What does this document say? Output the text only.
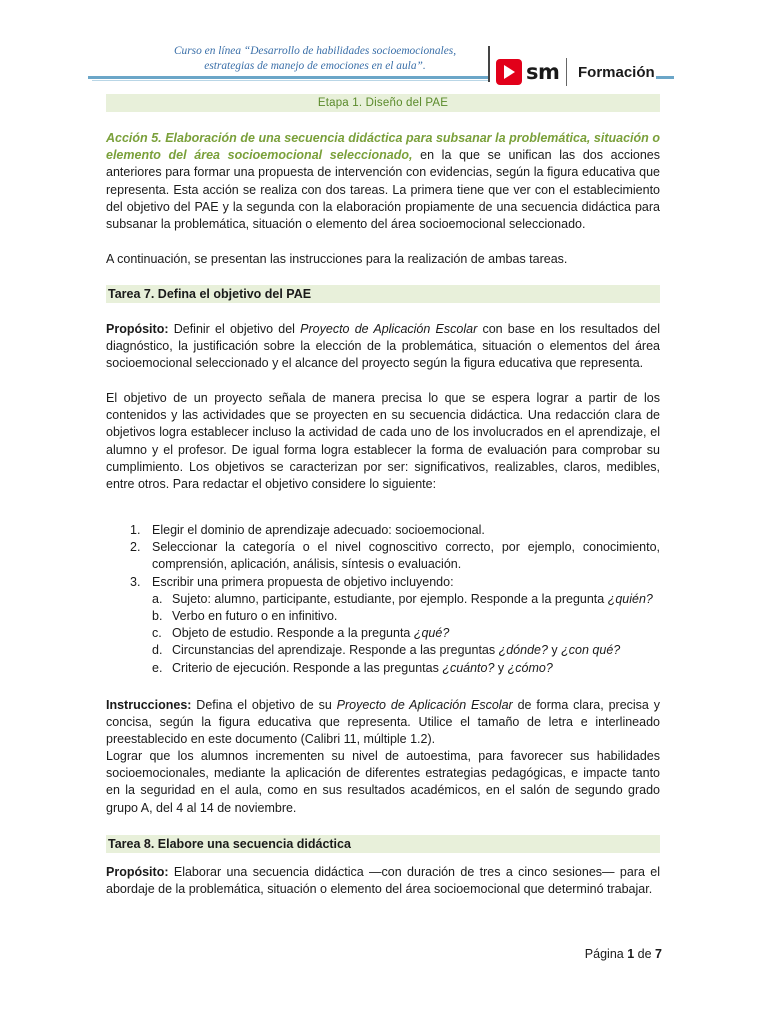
Curso en línea “Desarrollo de habilidades socioemocionales,
estrategias de manejo de emociones en el aula”.	sm Formación
Etapa 1. Diseño del PAE

Acción 5. Elaboración de una secuencia didáctica para subsanar la problemática, situación o elemento del área socioemocional seleccionado, en la que se unifican las dos acciones anteriores para formar una propuesta de intervención con evidencias, según la figura educativa que representa. Esta acción se realiza con dos tareas. La primera tiene que ver con el establecimiento del objetivo del PAE y la segunda con la elaboración propiamente de una secuencia didáctica para subsanar la problemática, situación o elemento del área socioemocional seleccionado.

A continuación, se presentan las instrucciones para la realización de ambas tareas.

Tarea 7. Defina el objetivo del PAE

Propósito: Definir el objetivo del Proyecto de Aplicación Escolar con base en los resultados del diagnóstico, la justificación sobre la elección de la problemática, situación o elementos del área socioemocional seleccionado y el alcance del proyecto según la figura educativa que representa.

El objetivo de un proyecto señala de manera precisa lo que se espera lograr a partir de los contenidos y las actividades que se proyecten en su secuencia didáctica. Una redacción clara de objetivos logra establecer incluso la actividad de cada uno de los involucrados en el aprendizaje, el alumno y el profesor. De igual forma logra establecer la forma de evaluación para comprobar su cumplimiento. Los objetivos se caracterizan por ser: significativos, realizables, claros, medibles, entre otros. Para redactar el objetivo considere lo siguiente:

1. Elegir el dominio de aprendizaje adecuado: socioemocional.
2. Seleccionar la categoría o el nivel cognoscitivo correcto, por ejemplo, conocimiento, comprensión, aplicación, análisis, síntesis o evaluación.
3. Escribir una primera propuesta de objetivo incluyendo:
a. Sujeto: alumno, participante, estudiante, por ejemplo. Responde a la pregunta ¿quién?
b. Verbo en futuro o en infinitivo.
c. Objeto de estudio. Responde a la pregunta ¿qué?
d. Circunstancias del aprendizaje. Responde a las preguntas ¿dónde? y ¿con qué?
e. Criterio de ejecución. Responde a las preguntas ¿cuánto? y ¿cómo?

Instrucciones: Defina el objetivo de su Proyecto de Aplicación Escolar de forma clara, precisa y concisa, según la figura educativa que representa. Utilice el tamaño de letra e interlineado preestablecido en este documento (Calibri 11, múltiple 1.2).

Lograr que los alumnos incrementen su nivel de autoestima, para favorecer sus habilidades socioemocionales, mediante la aplicación de diferentes estrategias pedagógicas, e impacte tanto en la seguridad en el aula, como en sus resultados académicos, en el salón de segundo grado grupo A, del 4 al 14 de noviembre.

Tarea 8. Elabore una secuencia didáctica

Propósito: Elaborar una secuencia didáctica —con duración de tres a cinco sesiones— para el abordaje de la problemática, situación o elemento del área socioemocional que determinó trabajar.

Página 1 de 7
